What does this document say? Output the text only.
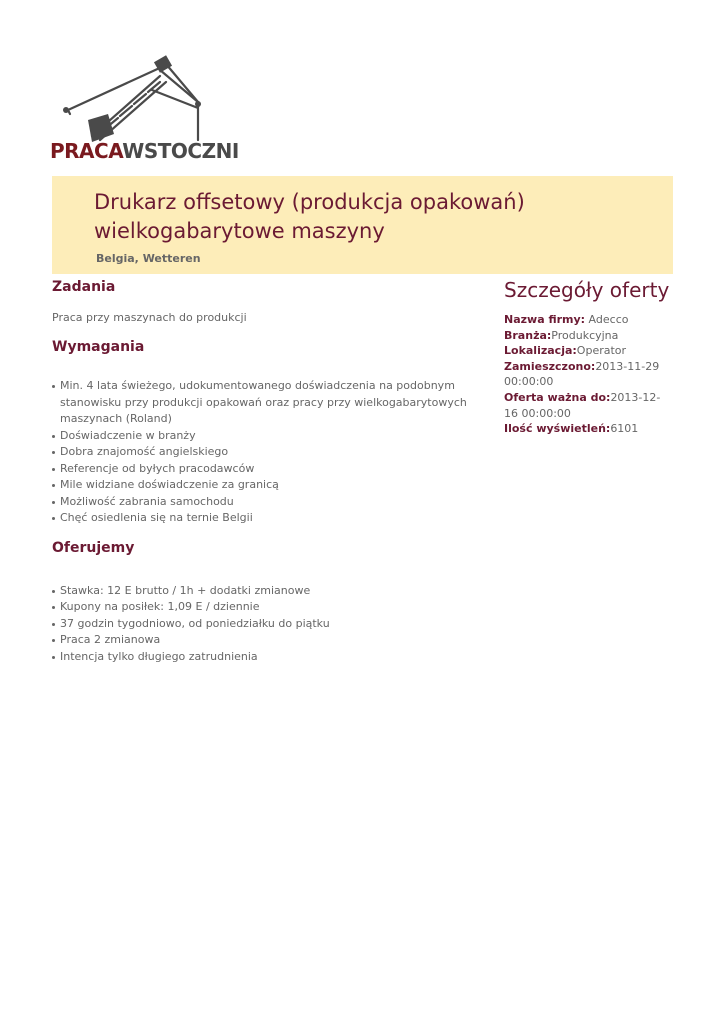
PRACAWSTOCZNI
Drukarz offsetowy (produkcja opakowań) wielkogabarytowe maszyny
Belgia, Wetteren
Zadania

Praca przy maszynach do produkcji

Wymagania
Min. 4 lata świeżego, udokumentowanego doświadczenia na podobnym stanowisku przy produkcji opakowań oraz pracy przy wielkogabarytowych maszynach (Roland)
Doświadczenie w branży
Dobra znajomość angielskiego
Referencje od byłych pracodawców
Mile widziane doświadczenie za granicą
Możliwość zabrania samochodu
Chęć osiedlenia się na ternie Belgii
Oferujemy
Stawka: 12 E brutto / 1h + dodatki zmianowe
Kupony na posiłek: 1,09 E / dziennie
37 godzin tygodniowo, od poniedziałku do piątku
Praca 2 zmianowa
Intencja tylko długiego zatrudnienia
Szczegóły oferty
Nazwa firmy: Adecco
Branża:Produkcyjna
Lokalizacja:Operator
Zamieszczono:2013-11-29 00:00:00
Oferta ważna do:2013-12-16 00:00:00
Ilość wyświetleń:6101
